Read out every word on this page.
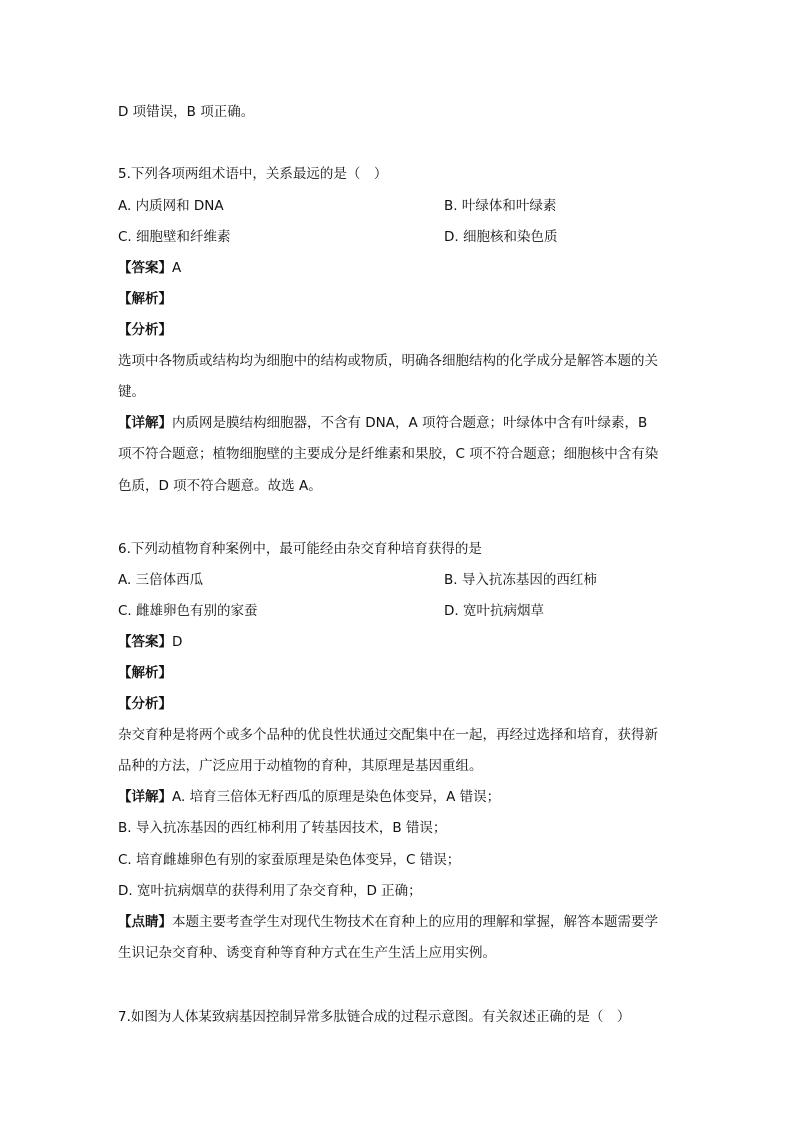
D 项错误，B 项正确。
5.下列各项两组术语中，关系最远的是（　）
A. 内质网和 DNA	B. 叶绿体和叶绿素
C. 细胞壁和纤维素	D. 细胞核和染色质
【答案】A
【解析】
【分析】
选项中各物质或结构均为细胞中的结构或物质，明确各细胞结构的化学成分是解答本题的关
键。
【详解】内质网是膜结构细胞器，不含有 DNA，A 项符合题意；叶绿体中含有叶绿素，B
项不符合题意；植物细胞壁的主要成分是纤维素和果胶，C 项不符合题意；细胞核中含有染
色质，D 项不符合题意。故选 A。
6.下列动植物育种案例中，最可能经由杂交育种培育获得的是
A. 三倍体西瓜	B. 导入抗冻基因的西红柿
C. 雌雄卵色有别的家蚕	D. 宽叶抗病烟草
【答案】D
【解析】
【分析】
杂交育种是将两个或多个品种的优良性状通过交配集中在一起，再经过选择和培育，获得新
品种的方法，广泛应用于动植物的育种，其原理是基因重组。
【详解】A. 培育三倍体无籽西瓜的原理是染色体变异，A 错误；
B. 导入抗冻基因的西红柿利用了转基因技术，B 错误；
C. 培育雌雄卵色有别的家蚕原理是染色体变异，C 错误；
D. 宽叶抗病烟草的获得利用了杂交育种，D 正确；
【点睛】本题主要考查学生对现代生物技术在育种上的应用的理解和掌握，解答本题需要学
生识记杂交育种、诱变育种等育种方式在生产生活上应用实例。
7.如图为人体某致病基因控制异常多肽链合成的过程示意图。有关叙述正确的是（　）
